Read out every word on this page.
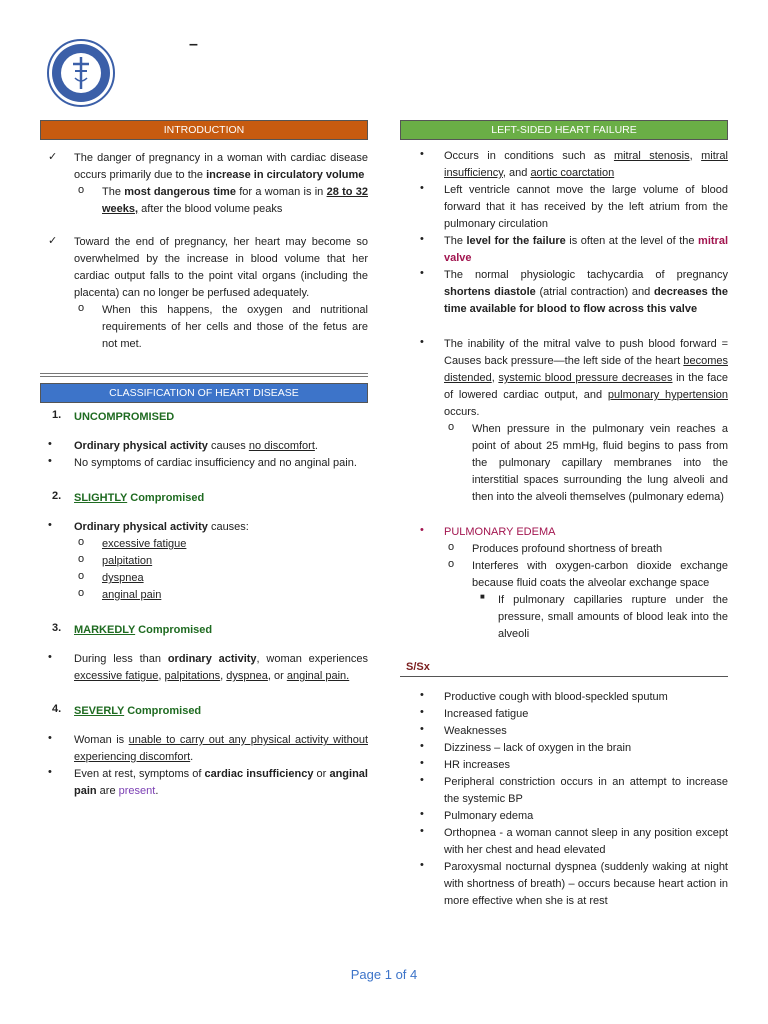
–
INTRODUCTION
✓ The danger of pregnancy in a woman with cardiac disease occurs primarily due to the increase in circulatory volume

o The most dangerous time for a woman is in 28 to 32 weeks, after the blood volume peaks

✓ Toward the end of pregnancy, her heart may become so overwhelmed by the increase in blood volume that her cardiac output falls to the point vital organs (including the placenta) can no longer be perfused adequately.

o When this happens, the oxygen and nutritional requirements of her cells and those of the fetus are not met.

CLASSIFICATION OF HEART DISEASE
1. UNCOMPROMISED

• Ordinary physical activity causes no discomfort.

• No symptoms of cardiac insufficiency and no anginal pain.

2. SLIGHTLY Compromised

• Ordinary physical activity causes:

o excessive fatigue

o palpitation

o dyspnea

o anginal pain

3. MARKEDLY Compromised

• During less than ordinary activity, woman experiences excessive fatigue, palpitations, dyspnea, or anginal pain.

4. SEVERLY Compromised

• Woman is unable to carry out any physical activity without experiencing discomfort.

• Even at rest, symptoms of cardiac insufficiency or anginal pain are present.

LEFT-SIDED HEART FAILURE
• Occurs in conditions such as mitral stenosis, mitral insufficiency, and aortic coarctation

• Left ventricle cannot move the large volume of blood forward that it has received by the left atrium from the pulmonary circulation

• The level for the failure is often at the level of the mitral valve

• The normal physiologic tachycardia of pregnancy shortens diastole (atrial contraction) and decreases the time available for blood to flow across this valve

• The inability of the mitral valve to push blood forward = Causes back pressure—the left side of the heart becomes distended, systemic blood pressure decreases in the face of lowered cardiac output, and pulmonary hypertension occurs.

o When pressure in the pulmonary vein reaches a point of about 25 mmHg, fluid begins to pass from the pulmonary capillary membranes into the interstitial spaces surrounding the lung alveoli and then into the alveoli themselves (pulmonary edema)

• PULMONARY EDEMA

o Produces profound shortness of breath

o Interferes with oxygen-carbon dioxide exchange because fluid coats the alveolar exchange space

■ If pulmonary capillaries rupture under the pressure, small amounts of blood leak into the alveoli

S/Sx
• Productive cough with blood-speckled sputum

• Increased fatigue

• Weaknesses

• Dizziness – lack of oxygen in the brain

• HR increases

• Peripheral constriction occurs in an attempt to increase the systemic BP

• Pulmonary edema

• Orthopnea - a woman cannot sleep in any position except with her chest and head elevated

• Paroxysmal nocturnal dyspnea (suddenly waking at night with shortness of breath) – occurs because heart action in more effective when she is at rest

Page 1 of 4
